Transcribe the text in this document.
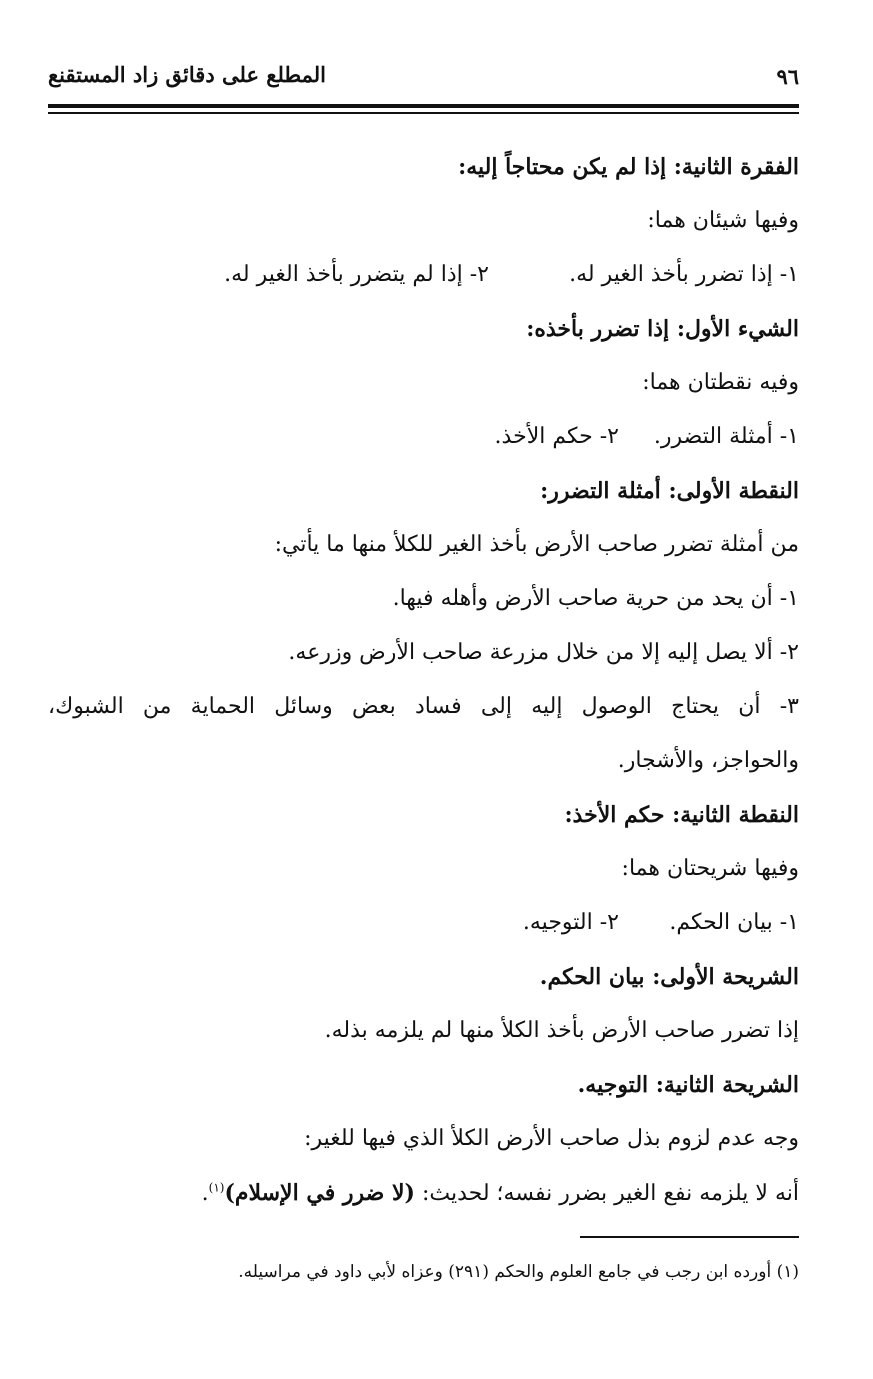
٩٦
المطلع على دقائق زاد المستقنع
الفقرة الثانية: إذا لم يكن محتاجاً إليه:
وفيها شيئان هما:
١- إذا تضرر بأخذ الغير له.
٢- إذا لم يتضرر بأخذ الغير له.
الشيء الأول: إذا تضرر بأخذه:
وفيه نقطتان هما:
١- أمثلة التضرر.
٢- حكم الأخذ.
النقطة الأولى: أمثلة التضرر:
من أمثلة تضرر صاحب الأرض بأخذ الغير للكلأ منها ما يأتي:
١- أن يحد من حرية صاحب الأرض وأهله فيها.
٢- ألا يصل إليه إلا من خلال مزرعة صاحب الأرض وزرعه.
٣- أن يحتاج الوصول إليه إلى فساد بعض وسائل الحماية من الشبوك،
والحواجز، والأشجار.
النقطة الثانية: حكم الأخذ:
وفيها شريحتان هما:
١- بيان الحكم.
٢- التوجيه.
الشريحة الأولى: بيان الحكم.
إذا تضرر صاحب الأرض بأخذ الكلأ منها لم يلزمه بذله.
الشريحة الثانية: التوجيه.
وجه عدم لزوم بذل صاحب الأرض الكلأ الذي فيها للغير:
أنه لا يلزمه نفع الغير بضرر نفسه؛ لحديث: (لا ضرر في الإسلام)$^{(١)}$.
(١) أورده ابن رجب في جامع العلوم والحكم (٢٩١) وعزاه لأبي داود في مراسيله.
